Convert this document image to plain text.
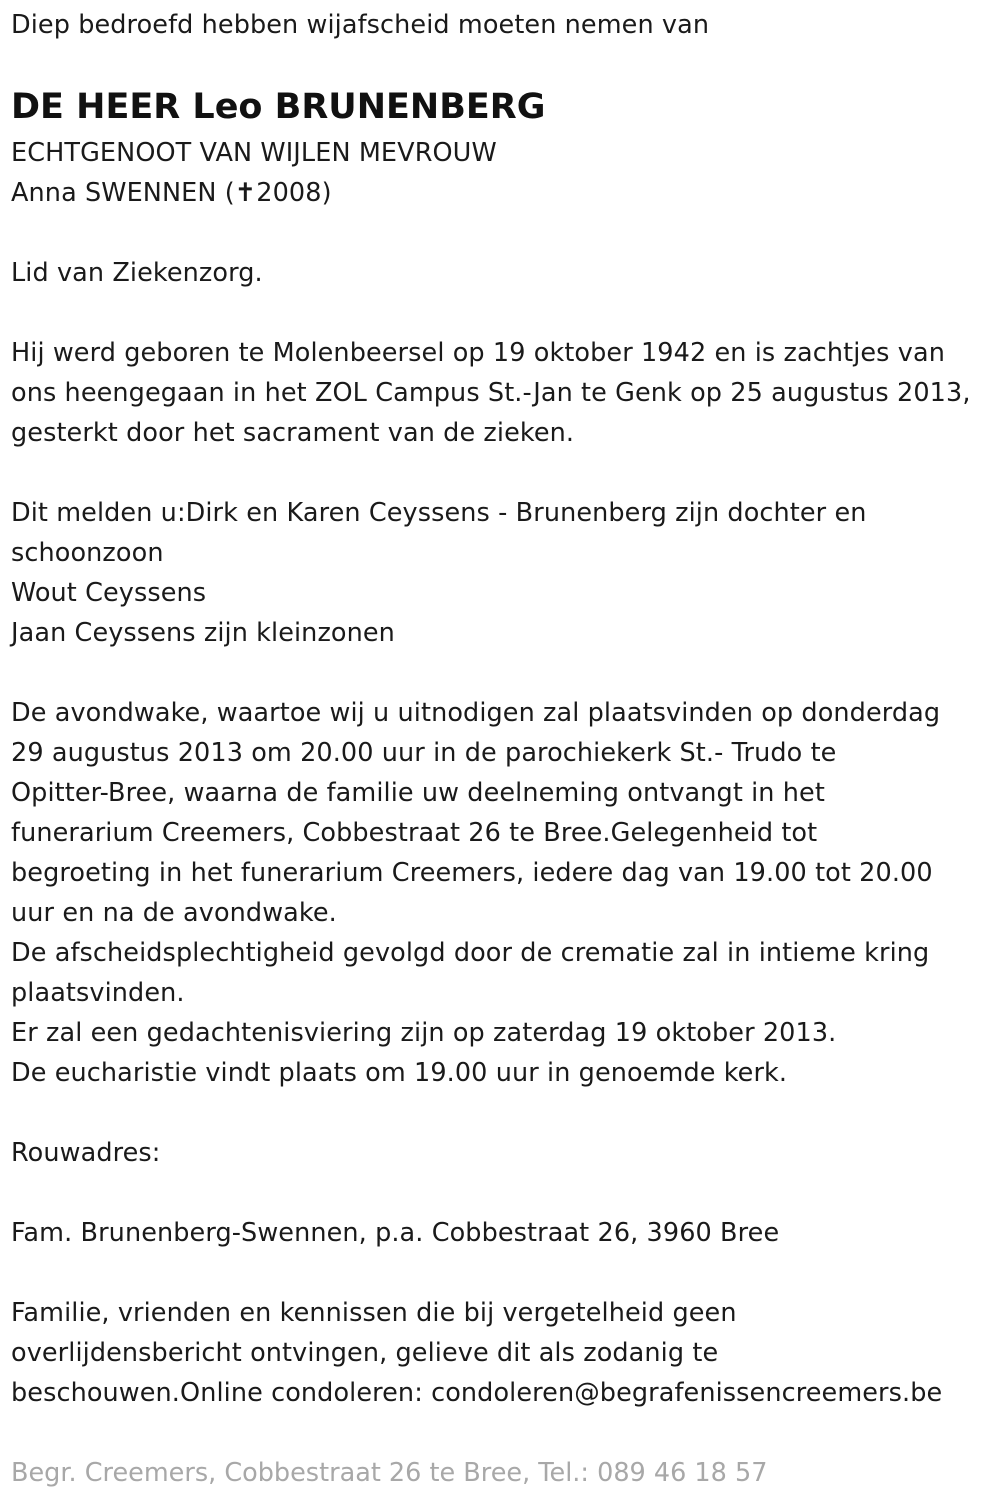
Diep bedroefd hebben wijafscheid moeten nemen van
DE HEER Leo BRUNENBERG
ECHTGENOOT VAN WIJLEN MEVROUW
Anna SWENNEN (✝2008)
Lid van Ziekenzorg.
Hij werd geboren te Molenbeersel op 19 oktober 1942 en is zachtjes van
ons heengegaan in het ZOL Campus St.-Jan te Genk op 25 augustus 2013,
gesterkt door het sacrament van de zieken.
Dit melden u:Dirk en Karen Ceyssens - Brunenberg zijn dochter en
schoonzoon
Wout Ceyssens
Jaan Ceyssens zijn kleinzonen
De avondwake, waartoe wij u uitnodigen zal plaatsvinden op donderdag
29 augustus 2013 om 20.00 uur in de parochiekerk St.- Trudo te
Opitter-Bree, waarna de familie uw deelneming ontvangt in het
funerarium Creemers, Cobbestraat 26 te Bree.Gelegenheid tot
begroeting in het funerarium Creemers, iedere dag van 19.00 tot 20.00
uur en na de avondwake.
De afscheidsplechtigheid gevolgd door de crematie zal in intieme kring
plaatsvinden.
Er zal een gedachtenisviering zijn op zaterdag 19 oktober 2013.
De eucharistie vindt plaats om 19.00 uur in genoemde kerk.
Rouwadres:
Fam. Brunenberg-Swennen, p.a. Cobbestraat 26, 3960 Bree
Familie, vrienden en kennissen die bij vergetelheid geen
overlijdensbericht ontvingen, gelieve dit als zodanig te
beschouwen.Online condoleren: condoleren@begrafenissencreemers.be
Begr. Creemers, Cobbestraat 26 te Bree, Tel.: 089 46 18 57
